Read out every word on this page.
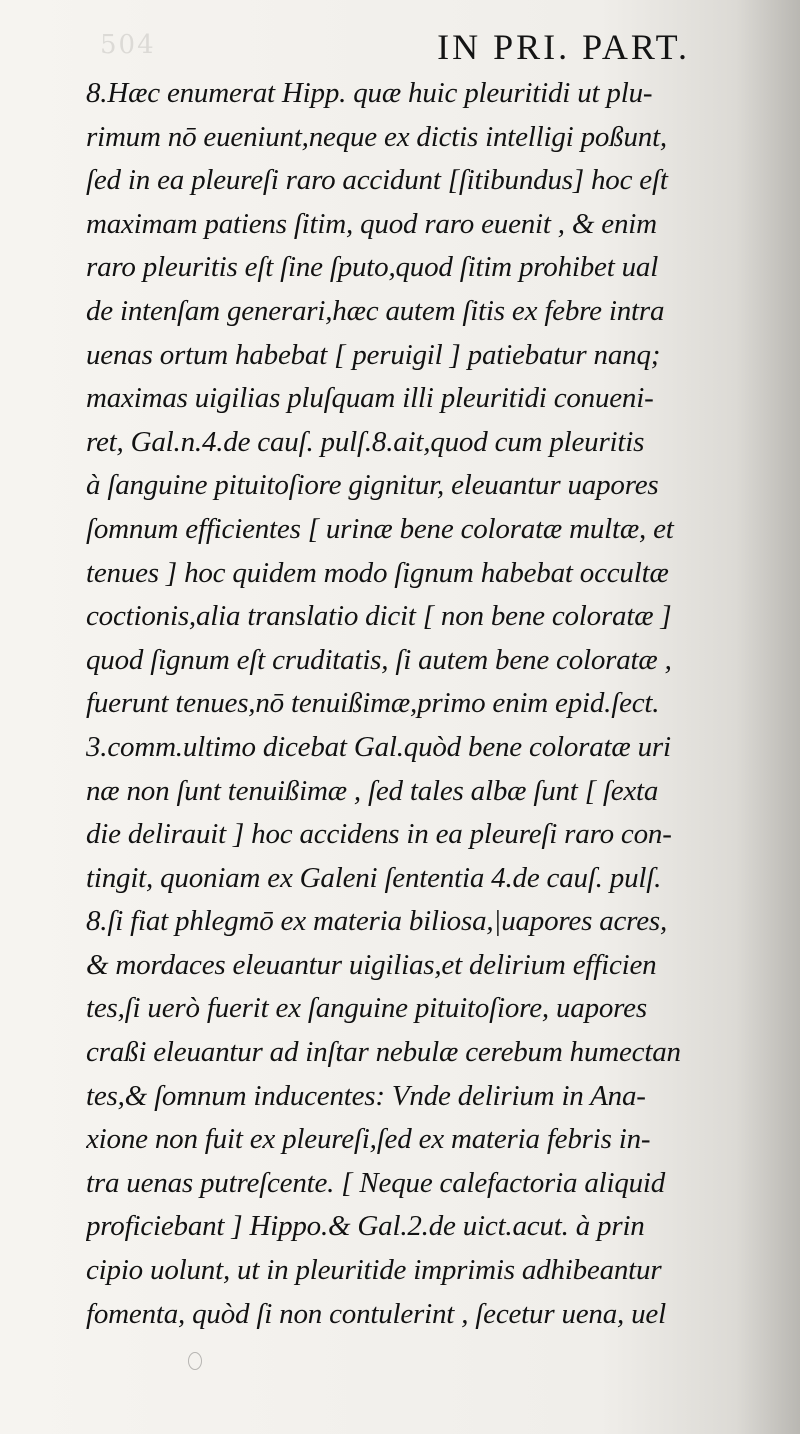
504	IN PRI. PART.
8.Hæc enumerat Hipp. quæ huic pleuritidi ut plu-
rimum nō eueniunt,neque ex dictis intelligi poßunt,
ſed in ea pleureſi raro accidunt [ſitibundus] hoc eſt
maximam patiens ſitim, quod raro euenit , & enim
raro pleuritis eſt ſine ſputo,quod ſitim prohibet ual
de intenſam generari,hæc autem ſitis ex febre intra
uenas ortum habebat [ peruigil ] patiebatur nanq;
maximas uigilias pluſquam illi pleuritidi conueni-
ret, Gal.n.4.de cauſ. pulſ.8.ait,quod cum pleuritis
à ſanguine pituitoſiore gignitur, eleuantur uapores
ſomnum efficientes [ urinæ bene coloratæ multæ, et
tenues ] hoc quidem modo ſignum habebat occultæ
coctionis,alia translatio dicit [ non bene coloratæ ]
quod ſignum eſt cruditatis, ſi autem bene coloratæ ,
fuerunt tenues,nō tenuißimæ,primo enim epid.ſect.
3.comm.ultimo dicebat Gal.quòd bene coloratæ uri
næ non ſunt tenuißimæ , ſed tales albæ ſunt [ ſexta
die delirauit ] hoc accidens in ea pleureſi raro con-
tingit, quoniam ex Galeni ſententia 4.de cauſ. pulſ.
8.ſi fiat phlegmō ex materia biliosa,|uapores acres,
& mordaces eleuantur uigilias,et delirium efficien
tes,ſi uerò fuerit ex ſanguine pituitoſiore, uapores
craßi eleuantur ad inſtar nebulæ cerebum humectan
tes,& ſomnum inducentes: Vnde delirium in Ana-
xione non fuit ex pleureſi,ſed ex materia febris in-
tra uenas putreſcente. [ Neque calefactoria aliquid
proficiebant ] Hippo.& Gal.2.de uict.acut. à prin
cipio uolunt, ut in pleuritide imprimis adhibeantur
fomenta, quòd ſi non contulerint , ſecetur uena, uel
